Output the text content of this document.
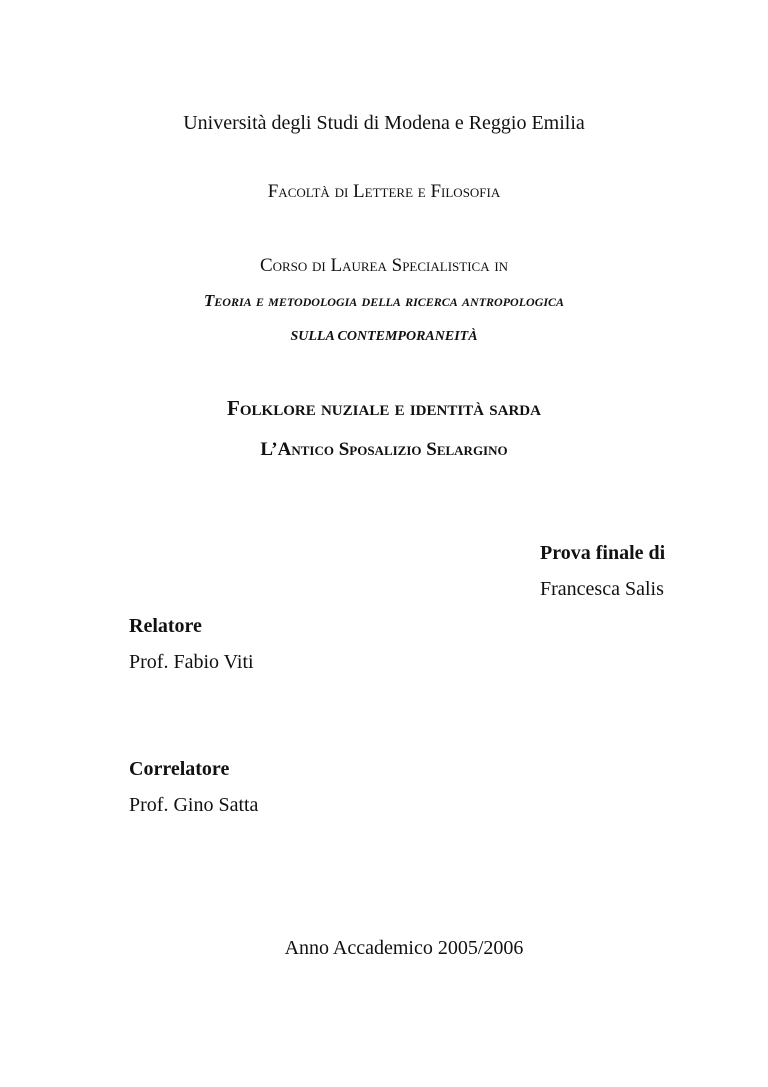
Università degli Studi di Modena e Reggio Emilia
Facoltà di Lettere e Filosofia
Corso di Laurea Specialistica in
Teoria e metodologia della ricerca antropologica
SULLA CONTEMPORANEITÀ
Folklore nuziale e identità sarda
L’Antico Sposalizio Selargino
Prova finale di
Francesca Salis
Relatore
Prof. Fabio Viti
Correlatore
Prof. Gino Satta
Anno Accademico 2005/2006
